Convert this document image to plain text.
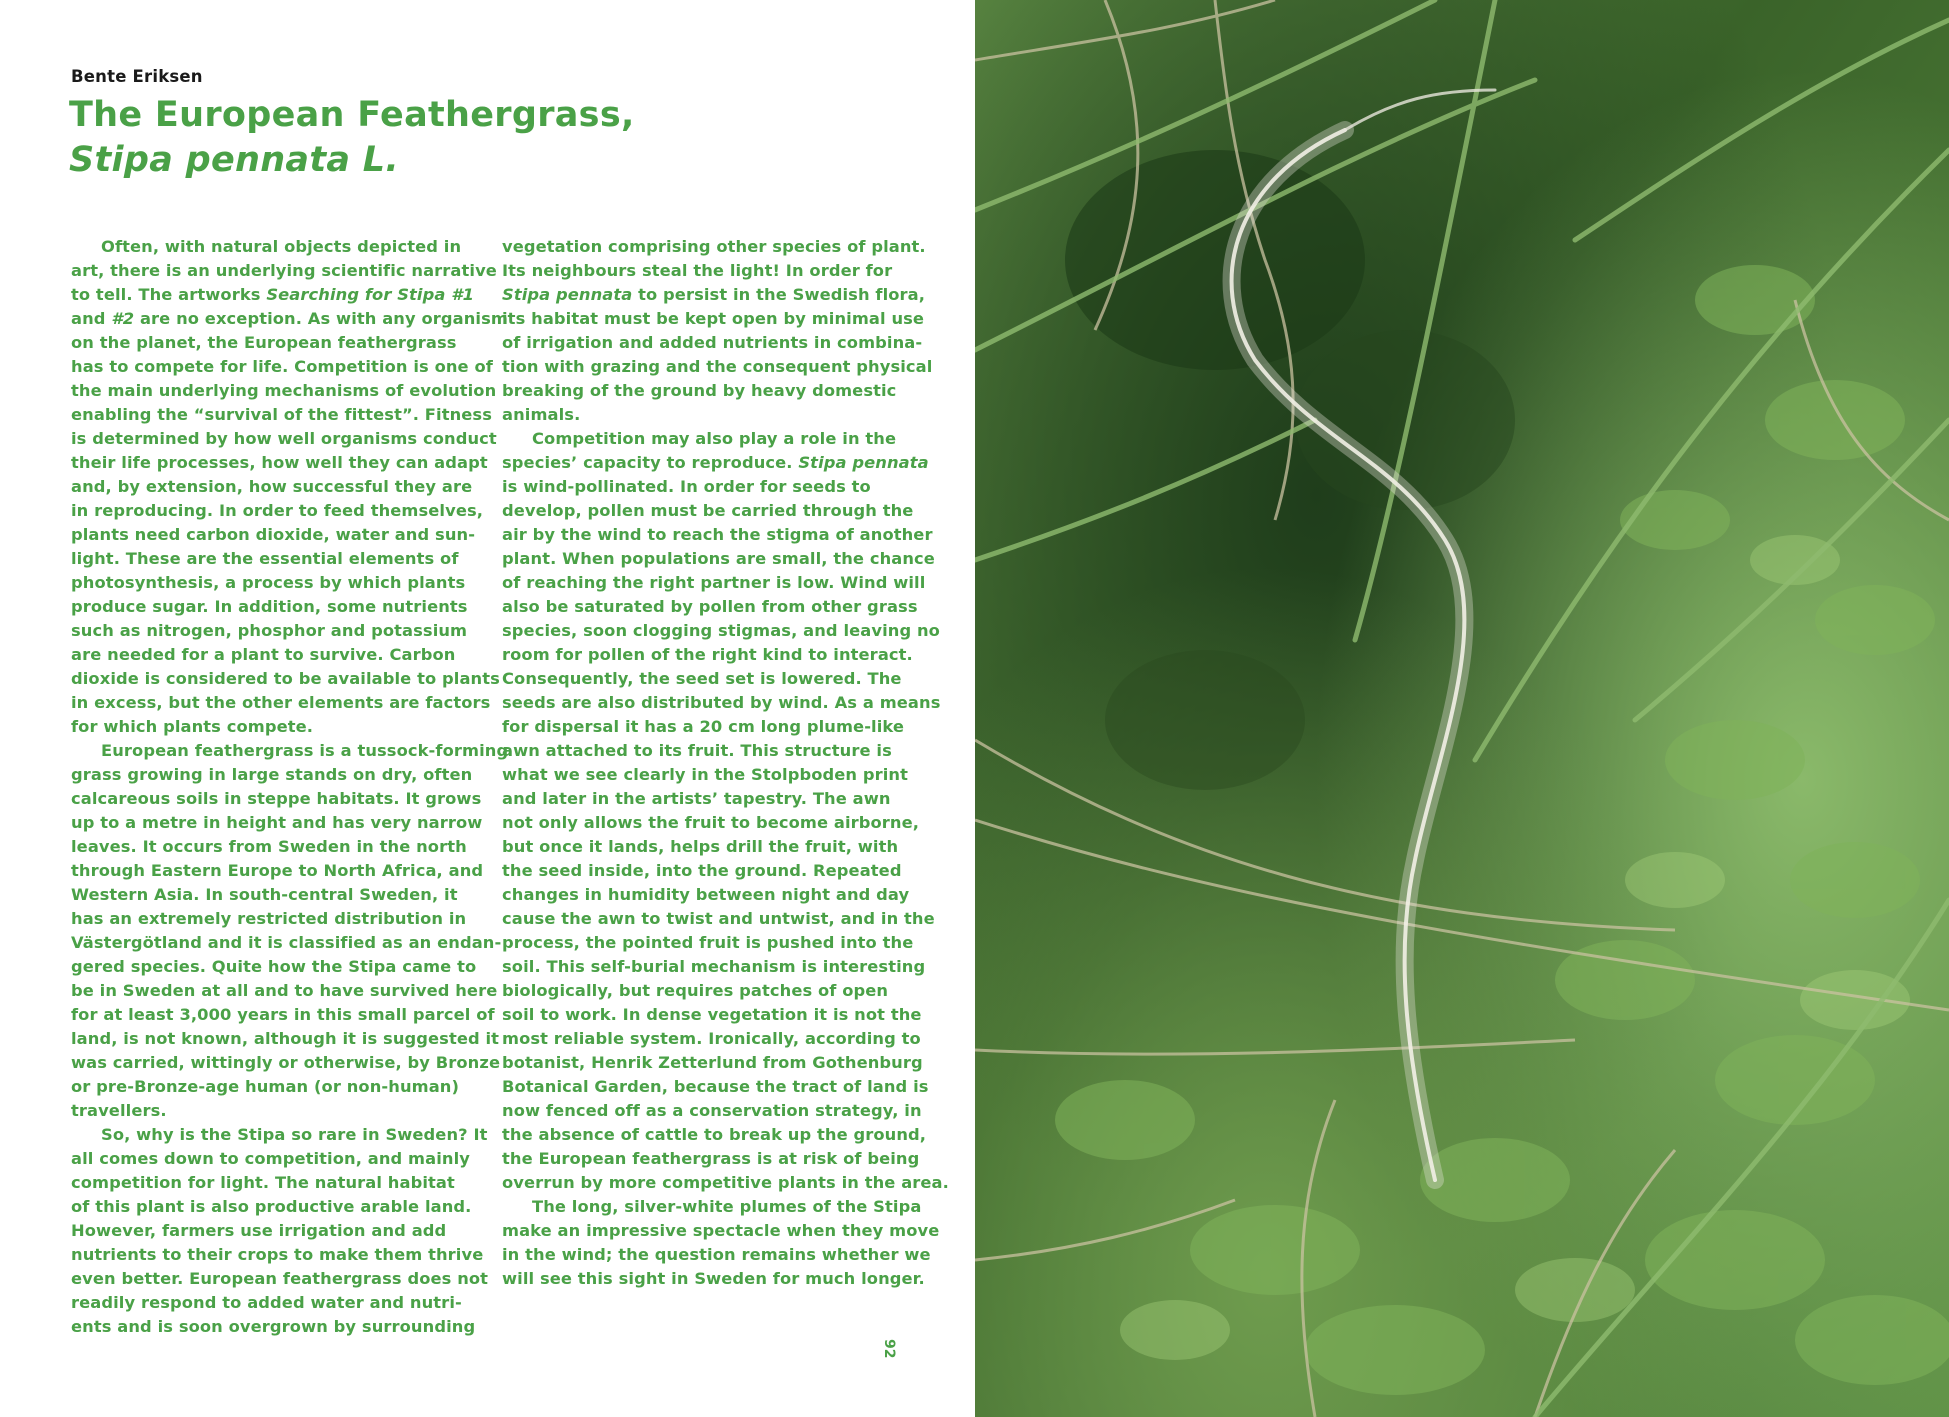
Bente Eriksen
The European Feathergrass,
Stipa pennata L.
Often, with natural objects depicted in
art, there is an underlying scientific narrative
to tell. The artworks Searching for Stipa #1
and #2 are no exception. As with any organism
on the planet, the European feathergrass
has to compete for life. Competition is one of
the main underlying mechanisms of evolution
enabling the “survival of the fittest”. Fitness
is determined by how well organisms conduct
their life processes, how well they can adapt
and, by extension, how successful they are
in reproducing. In order to feed themselves,
plants need carbon dioxide, water and sun-
light. These are the essential elements of
photosynthesis, a process by which plants
produce sugar. In addition, some nutrients
such as nitrogen, phosphor and potassium
are needed for a plant to survive. Carbon
dioxide is considered to be available to plants
in excess, but the other elements are factors
for which plants compete.
European feathergrass is a tussock-forming
grass growing in large stands on dry, often
calcareous soils in steppe habitats. It grows
up to a metre in height and has very narrow
leaves. It occurs from Sweden in the north
through Eastern Europe to North Africa, and
Western Asia. In south-central Sweden, it
has an extremely restricted distribution in
Västergötland and it is classified as an endan-
gered species. Quite how the Stipa came to
be in Sweden at all and to have survived here
for at least 3,000 years in this small parcel of
land, is not known, although it is suggested it
was carried, wittingly or otherwise, by Bronze
or pre-Bronze-age human (or non-human)
travellers.
So, why is the Stipa so rare in Sweden? It
all comes down to competition, and mainly
competition for light. The natural habitat
of this plant is also productive arable land.
However, farmers use irrigation and add
nutrients to their crops to make them thrive
even better. European feathergrass does not
readily respond to added water and nutri-
ents and is soon overgrown by surrounding
vegetation comprising other species of plant.
Its neighbours steal the light! In order for
Stipa pennata to persist in the Swedish flora,
its habitat must be kept open by minimal use
of irrigation and added nutrients in combina-
tion with grazing and the consequent physical
breaking of the ground by heavy domestic
animals.
Competition may also play a role in the
species’ capacity to reproduce. Stipa pennata
is wind-pollinated. In order for seeds to
develop, pollen must be carried through the
air by the wind to reach the stigma of another
plant. When populations are small, the chance
of reaching the right partner is low. Wind will
also be saturated by pollen from other grass
species, soon clogging stigmas, and leaving no
room for pollen of the right kind to interact.
Consequently, the seed set is lowered. The
seeds are also distributed by wind. As a means
for dispersal it has a 20 cm long plume-like
awn attached to its fruit. This structure is
what we see clearly in the Stolpboden print
and later in the artists’ tapestry. The awn
not only allows the fruit to become airborne,
but once it lands, helps drill the fruit, with
the seed inside, into the ground. Repeated
changes in humidity between night and day
cause the awn to twist and untwist, and in the
process, the pointed fruit is pushed into the
soil. This self-burial mechanism is interesting
biologically, but requires patches of open
soil to work. In dense vegetation it is not the
most reliable system. Ironically, according to
botanist, Henrik Zetterlund from Gothenburg
Botanical Garden, because the tract of land is
now fenced off as a conservation strategy, in
the absence of cattle to break up the ground,
the European feathergrass is at risk of being
overrun by more competitive plants in the area.
The long, silver-white plumes of the Stipa
make an impressive spectacle when they move
in the wind; the question remains whether we
will see this sight in Sweden for much longer.
92
